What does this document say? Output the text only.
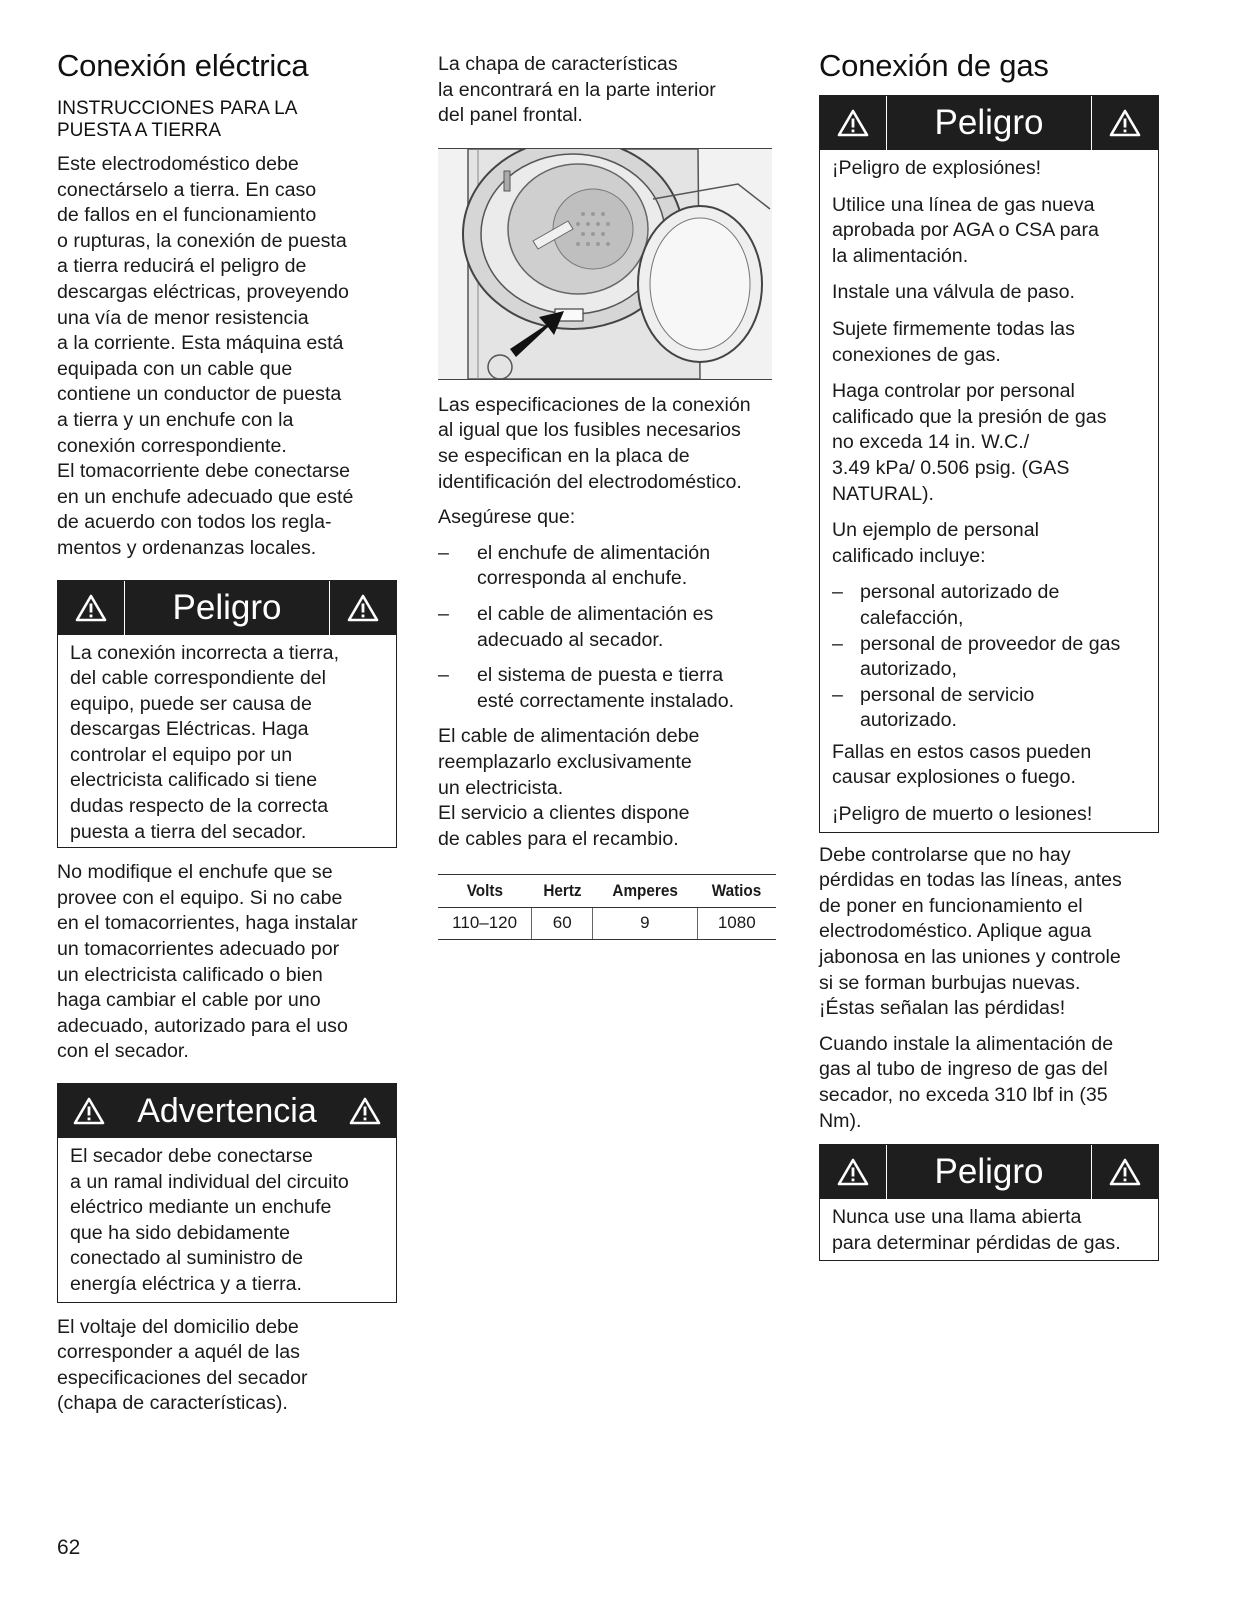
Conexión eléctrica
INSTRUCCIONES PARA LA
PUESTA A TIERRA

Este electrodoméstico debe
conectárselo a tierra. En caso
de fallos en el funcionamiento
o rupturas, la conexión de puesta
a tierra reducirá el peligro de
descargas eléctricas, proveyendo
una vía de menor resistencia
a la corriente. Esta máquina está
equipada con un cable que
contiene un conductor de puesta
a tierra y un enchufe con la
conexión correspondiente.
El tomacorriente debe conectarse
en un enchufe adecuado que esté
de acuerdo con todos los regla-
mentos y ordenanzas locales.

Peligro

La conexión incorrecta a tierra,
del cable correspondiente del
equipo, puede ser causa de
descargas Eléctricas. Haga
controlar el equipo por un
electricista calificado si tiene
dudas respecto de la correcta
puesta a tierra del secador.

No modifique el enchufe que se
provee con el equipo. Si no cabe
en el tomacorrientes, haga instalar
un tomacorrientes adecuado por
un electricista calificado o bien
haga cambiar el cable por uno
adecuado, autorizado para el uso
con el secador.

Advertencia

El secador debe conectarse
a un ramal individual del circuito
eléctrico mediante un enchufe
que ha sido debidamente
conectado al suministro de
energía eléctrica y a tierra.

El voltaje del domicilio debe
corresponder a aquél de las
especificaciones del secador
(chapa de características).

La chapa de características
la encontrará en la parte interior
del panel frontal.

Las especificaciones de la conexión
al igual que los fusibles necesarios
se especifican en la placa de
identificación del electrodoméstico.

Asegúrese que:

–	el enchufe de alimentación
corresponda al enchufe.
–	el cable de alimentación es
adecuado al secador.
–	el sistema de puesta e tierra
esté correctamente instalado.

El cable de alimentación debe
reemplazarlo exclusivamente
un electricista.
El servicio a clientes dispone
de cables para el recambio.

Volts	Hertz	Amperes	Watios
110–120	60	9	1080
Conexión de gas
Peligro

¡Peligro de explosiónes!

Utilice una línea de gas nueva
aprobada por AGA o CSA para
la alimentación.

Instale una válvula de paso.

Sujete firmemente todas las
conexiones de gas.

Haga controlar por personal
calificado que la presión de gas
no exceda 14 in. W.C./
3.49 kPa/ 0.506 psig. (GAS
NATURAL).

Un ejemplo de personal
calificado incluye:

– personal autorizado de
calefacción,
– personal de proveedor de gas
autorizado,
– personal de servicio
autorizado.

Fallas en estos casos pueden
causar explosiones o fuego.

¡Peligro de muerto o lesiones!

Debe controlarse que no hay
pérdidas en todas las líneas, antes
de poner en funcionamiento el
electrodoméstico. Aplique agua
jabonosa en las uniones y controle
si se forman burbujas nuevas.
¡Éstas señalan las pérdidas!

Cuando instale la alimentación de
gas al tubo de ingreso de gas del
secador, no exceda 310 lbf in (35
Nm).

Peligro

Nunca use una llama abierta
para determinar pérdidas de gas.

62
